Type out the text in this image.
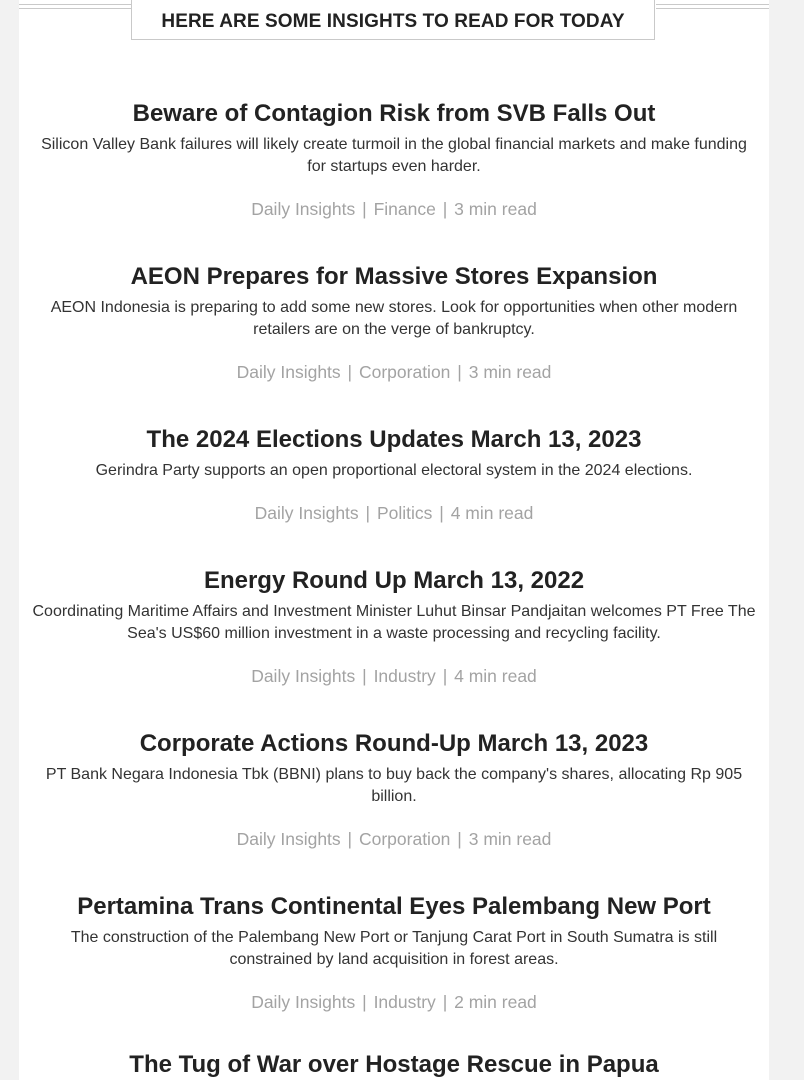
HERE ARE SOME INSIGHTS TO READ FOR TODAY
Beware of Contagion Risk from SVB Falls Out

Silicon Valley Bank failures will likely create turmoil in the global financial markets and make funding for startups even harder.

Daily Insights | Finance | 3 min read

AEON Prepares for Massive Stores Expansion

AEON Indonesia is preparing to add some new stores. Look for opportunities when other modern retailers are on the verge of bankruptcy.

Daily Insights | Corporation | 3 min read

The 2024 Elections Updates March 13, 2023

Gerindra Party supports an open proportional electoral system in the 2024 elections.

Daily Insights | Politics | 4 min read

Energy Round Up March 13, 2022

Coordinating Maritime Affairs and Investment Minister Luhut Binsar Pandjaitan welcomes PT Free The Sea's US$60 million investment in a waste processing and recycling facility.

Daily Insights | Industry | 4 min read

Corporate Actions Round-Up March 13, 2023

PT Bank Negara Indonesia Tbk (BBNI) plans to buy back the company's shares, allocating Rp 905 billion.

Daily Insights | Corporation | 3 min read

Pertamina Trans Continental Eyes Palembang New Port

The construction of the Palembang New Port or Tanjung Carat Port in South Sumatra is still constrained by land acquisition in forest areas.

Daily Insights | Industry | 2 min read

The Tug of War over Hostage Rescue in Papua
